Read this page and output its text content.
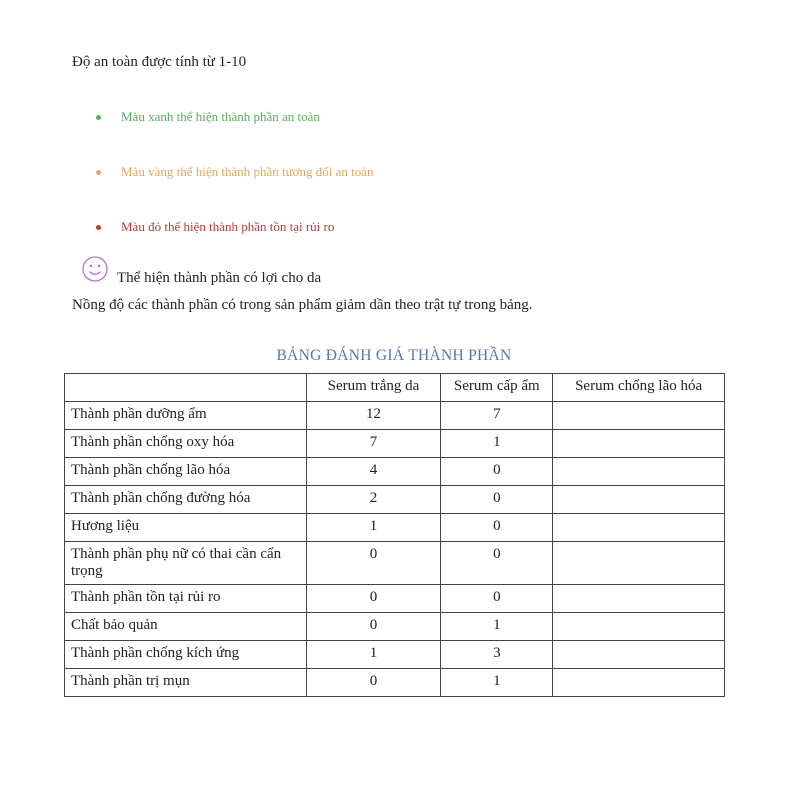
Độ an toàn được tính từ 1-10
Màu xanh thể hiện thành phần an toàn
Màu vàng thể hiện thành phần tương đối an toàn
Màu đỏ thể hiện thành phần tồn tại rủi ro
Thể hiện thành phần có lợi cho da
Nồng độ các thành phần có trong sản phẩm giảm dần theo trật tự trong bảng.
BẢNG ĐÁNH GIÁ THÀNH PHẦN
	Serum trắng da	Serum cấp ẩm	Serum chống lão hóa
Thành phần dưỡng ẩm	12	7	
Thành phần chống oxy hóa	7	1	
Thành phần chống lão hóa	4	0	
Thành phần chống đường hóa	2	0	
Hương liệu	1	0	
Thành phần phụ nữ có thai cần cẩn trọng	0	0	
Thành phần tồn tại rủi ro	0	0	
Chất bảo quản	0	1	
Thành phần chống kích ứng	1	3	
Thành phần trị mụn	0	1	
